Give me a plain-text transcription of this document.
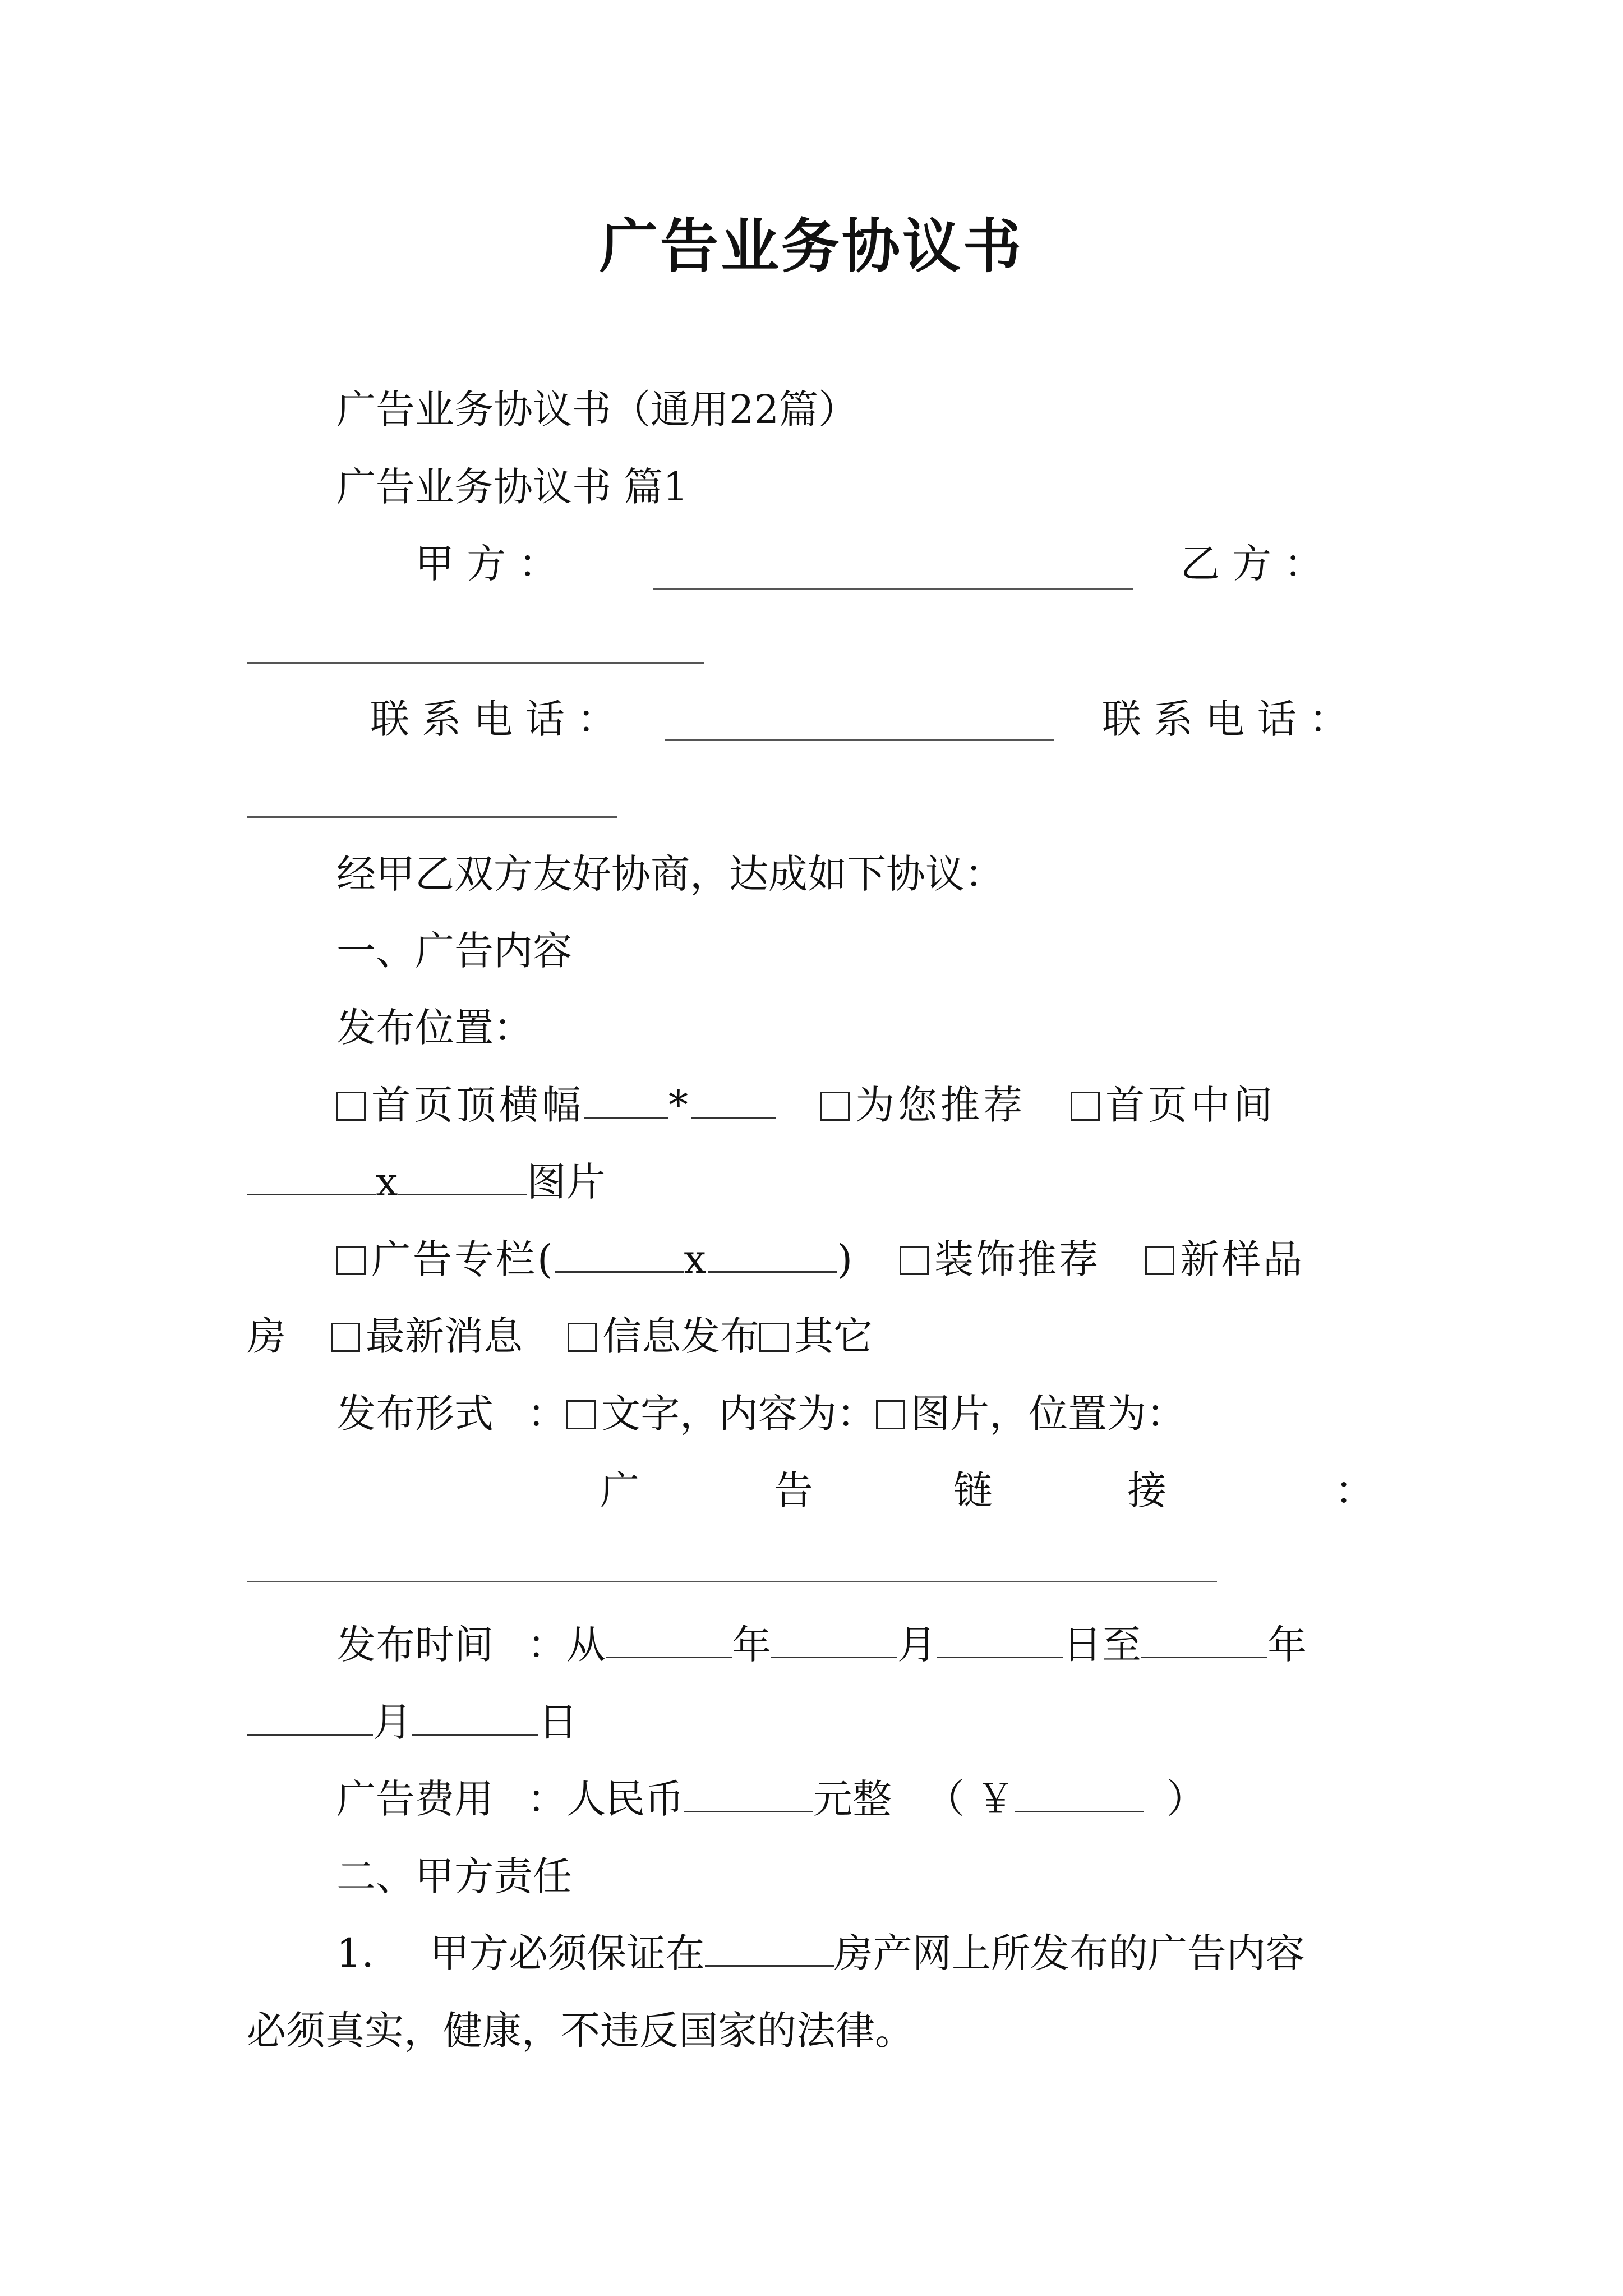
广告业务协议书
广告业务协议书（通用22篇）
广告业务协议书 篇1
甲 方 ：	乙 方 ：
联 系 电 话 ：	联 系 电 话 ：
经甲乙双方友好协商，达成如下协议：
一、广告内容
发布位置：
首页顶横幅 *	为您推荐 首页中间
x	图片
广告专栏(	x	) 装饰推荐 新样品
房 最新消息 信息发布 其它
发布形式 ： 文字，内容为： 图片，位置为：
广	告	链	接	：
发布时间 ：从	年	月	日至	年
月	日
广告费用 ：人民币	元整 （ ￥	）
二、甲方责任
1. 甲方必须保证在	房产网上所发布的广告内容
必须真实，健康，不违反国家的法律。
